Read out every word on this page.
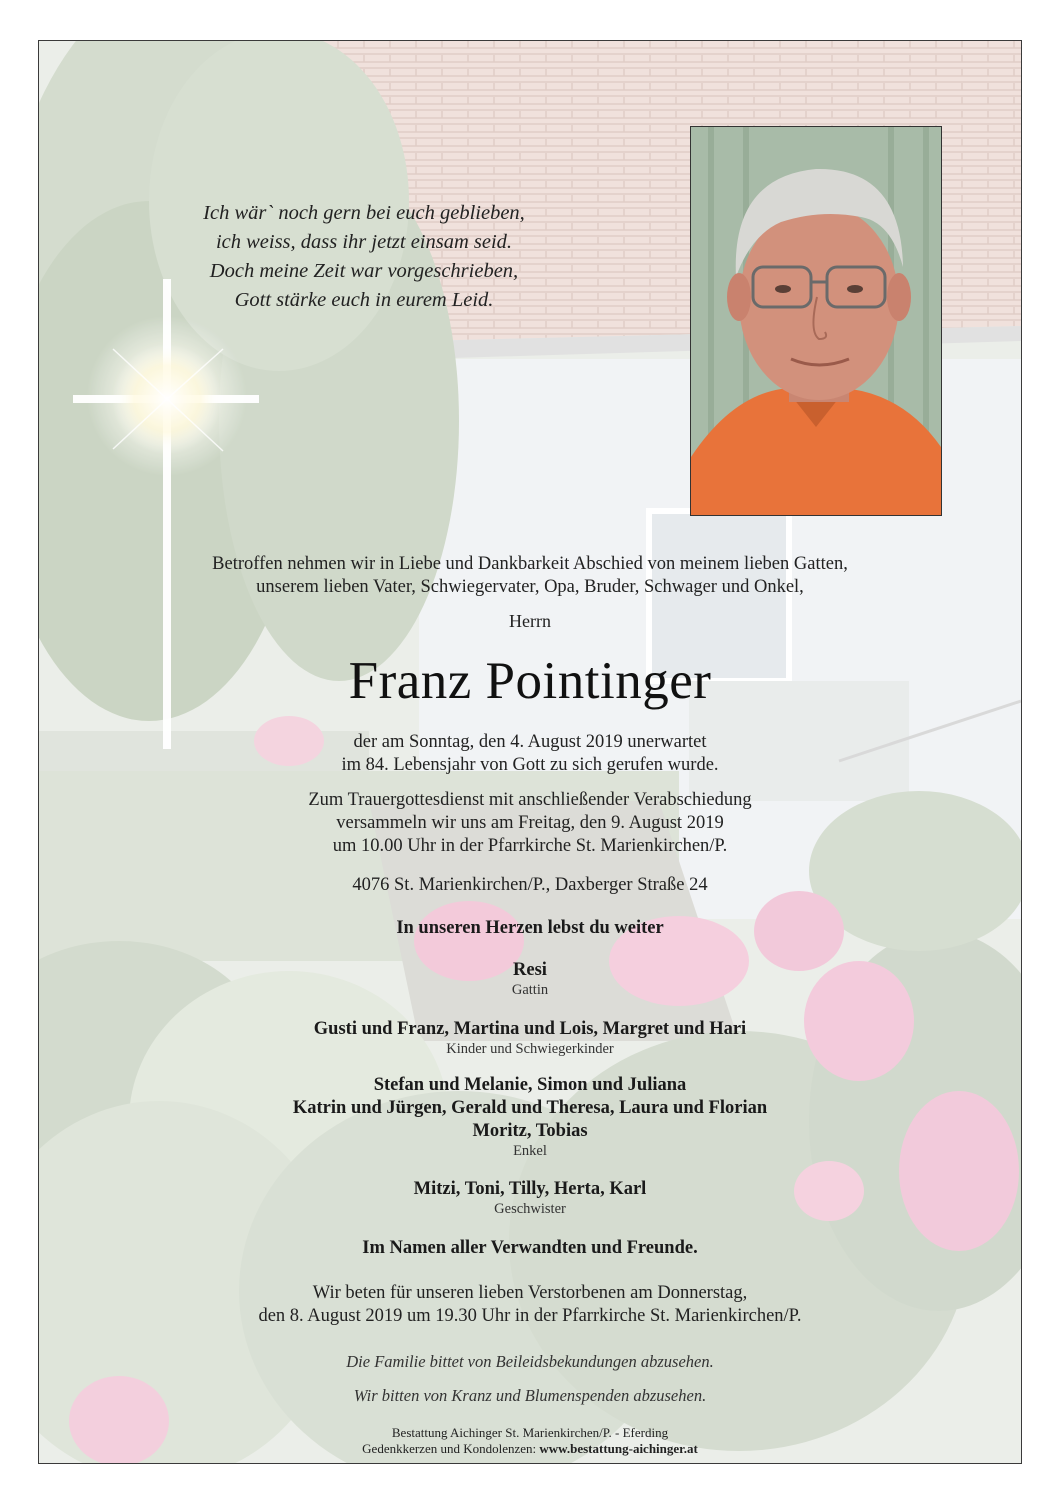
Ich wär` noch gern bei euch geblieben,
ich weiss, dass ihr jetzt einsam seid.
Doch meine Zeit war vorgeschrieben,
Gott stärke euch in eurem Leid.
Betroffen nehmen wir in Liebe und Dankbarkeit Abschied von meinem lieben Gatten,
unserem lieben Vater, Schwiegervater, Opa, Bruder, Schwager und Onkel,
Herrn
Franz Pointinger
der am Sonntag, den 4. August 2019 unerwartet
im 84. Lebensjahr von Gott zu sich gerufen wurde.
Zum Trauergottesdienst mit anschließender Verabschiedung
versammeln wir uns am Freitag, den 9. August 2019
um 10.00 Uhr in der Pfarrkirche St. Marienkirchen/P.
4076 St. Marienkirchen/P., Daxberger Straße 24
In unseren Herzen lebst du weiter
Resi
Gattin
Gusti und Franz, Martina und Lois, Margret und Hari
Kinder und Schwiegerkinder
Stefan und Melanie, Simon und Juliana
Katrin und Jürgen, Gerald und Theresa, Laura und Florian
Moritz, Tobias
Enkel
Mitzi, Toni, Tilly, Herta, Karl
Geschwister
Im Namen aller Verwandten und Freunde.
Wir beten für unseren lieben Verstorbenen am Donnerstag,
den 8. August 2019 um 19.30 Uhr in der Pfarrkirche St. Marienkirchen/P.
Die Familie bittet von Beileidsbekundungen abzusehen.
Wir bitten von Kranz und Blumenspenden abzusehen.
Bestattung Aichinger St. Marienkirchen/P. - Eferding
Gedenkkerzen und Kondolenzen: www.bestattung-aichinger.at
